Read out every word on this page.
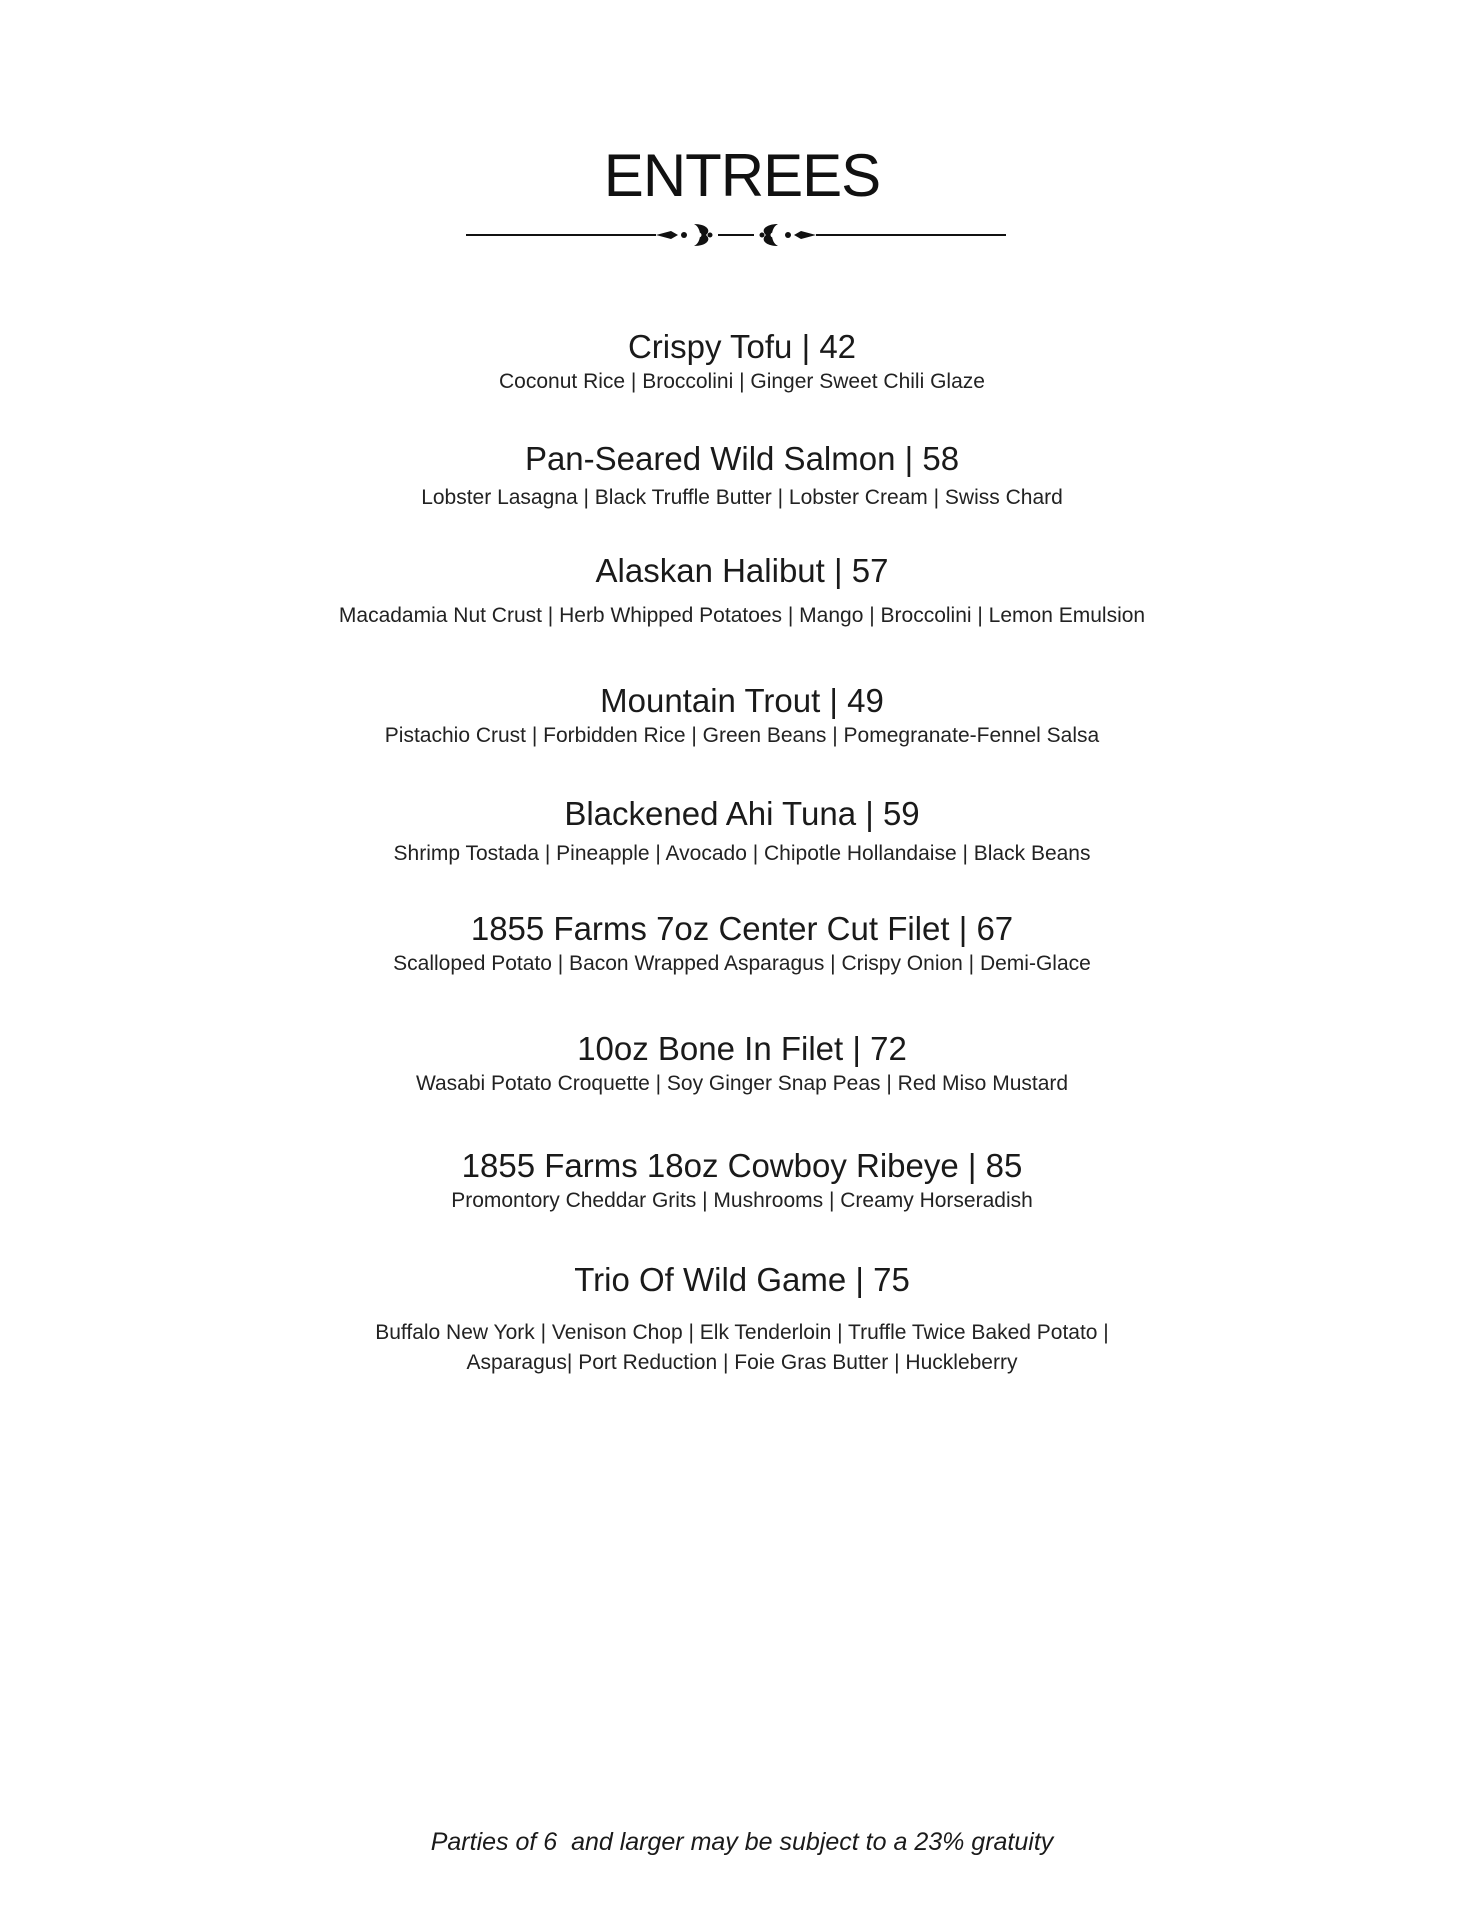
ENTREES
Crispy Tofu | 42
Coconut Rice | Broccolini | Ginger Sweet Chili Glaze
Pan-Seared Wild Salmon | 58
Lobster Lasagna | Black Truffle Butter | Lobster Cream | Swiss Chard
Alaskan Halibut | 57
Macadamia Nut Crust | Herb Whipped Potatoes | Mango | Broccolini | Lemon Emulsion
Mountain Trout | 49
Pistachio Crust | Forbidden Rice | Green Beans | Pomegranate-Fennel Salsa
Blackened Ahi Tuna | 59
Shrimp Tostada | Pineapple | Avocado | Chipotle Hollandaise | Black Beans
1855 Farms 7oz Center Cut Filet | 67
Scalloped Potato | Bacon Wrapped Asparagus | Crispy Onion | Demi-Glace
10oz Bone In Filet | 72
Wasabi Potato Croquette | Soy Ginger Snap Peas | Red Miso Mustard
1855 Farms 18oz Cowboy Ribeye | 85
Promontory Cheddar Grits | Mushrooms | Creamy Horseradish
Trio Of Wild Game | 75
Buffalo New York | Venison Chop | Elk Tenderloin | Truffle Twice Baked Potato |
Asparagus| Port Reduction | Foie Gras Butter | Huckleberry
Parties of 6  and larger may be subject to a 23% gratuity
